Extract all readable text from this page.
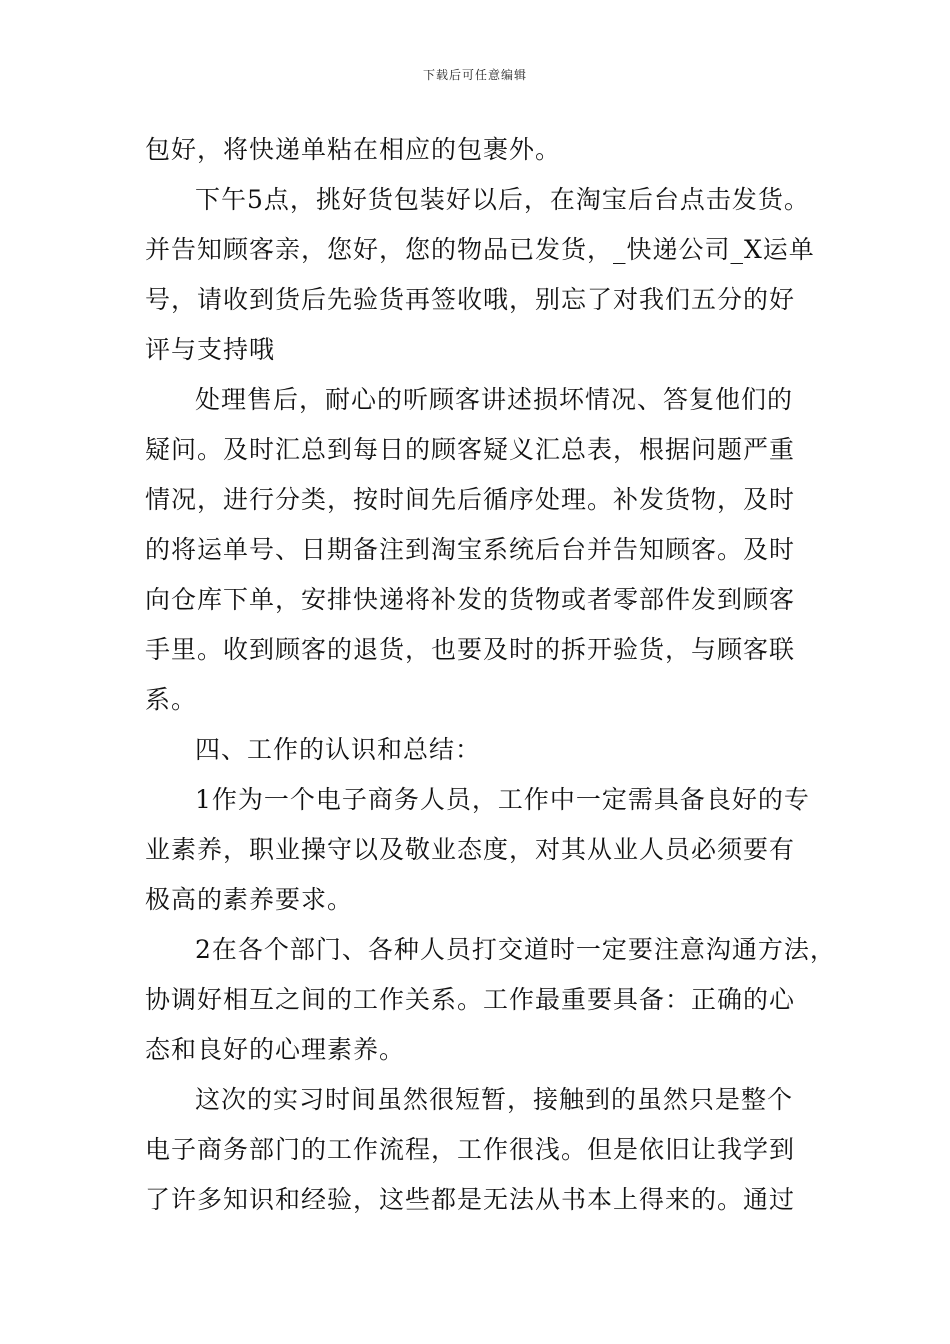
下载后可任意编辑
包好，将快递单粘在相应的包裹外。
下午5点，挑好货包装好以后，在淘宝后台点击发货。
并告知顾客亲，您好，您的物品已发货，_快递公司_X运单
号，请收到货后先验货再签收哦，别忘了对我们五分的好
评与支持哦
处理售后，耐心的听顾客讲述损坏情况、答复他们的
疑问。及时汇总到每日的顾客疑义汇总表，根据问题严重
情况，进行分类，按时间先后循序处理。补发货物，及时
的将运单号、日期备注到淘宝系统后台并告知顾客。及时
向仓库下单，安排快递将补发的货物或者零部件发到顾客
手里。收到顾客的退货，也要及时的拆开验货，与顾客联
系。
四、工作的认识和总结：
1作为一个电子商务人员，工作中一定需具备良好的专
业素养，职业操守以及敬业态度，对其从业人员必须要有
极高的素养要求。
2在各个部门、各种人员打交道时一定要注意沟通方法，
协调好相互之间的工作关系。工作最重要具备：正确的心
态和良好的心理素养。
这次的实习时间虽然很短暂，接触到的虽然只是整个
电子商务部门的工作流程，工作很浅。但是依旧让我学到
了许多知识和经验，这些都是无法从书本上得来的。通过
